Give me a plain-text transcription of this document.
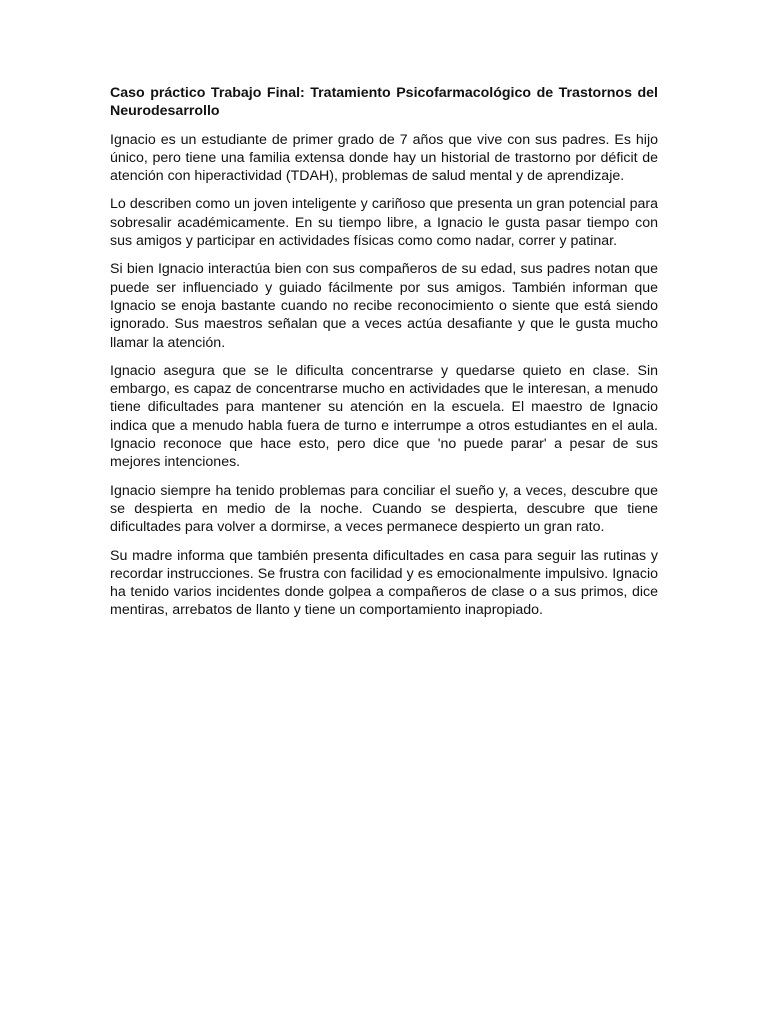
Caso práctico Trabajo Final: Tratamiento Psicofarmacológico de Trastornos del Neurodesarrollo

Ignacio es un estudiante de primer grado de 7 años que vive con sus padres. Es hijo único, pero tiene una familia extensa donde hay un historial de trastorno por déficit de atención con hiperactividad (TDAH), problemas de salud mental y de aprendizaje.

Lo describen como un joven inteligente y cariñoso que presenta un gran potencial para sobresalir académicamente. En su tiempo libre, a Ignacio le gusta pasar tiempo con sus amigos y participar en actividades físicas como como nadar, correr y patinar.

Si bien Ignacio interactúa bien con sus compañeros de su edad, sus padres notan que puede ser influenciado y guiado fácilmente por sus amigos. También informan que Ignacio se enoja bastante cuando no recibe reconocimiento o siente que está siendo ignorado. Sus maestros señalan que a veces actúa desafiante y que le gusta mucho llamar la atención.

Ignacio asegura que se le dificulta concentrarse y quedarse quieto en clase. Sin embargo, es capaz de concentrarse mucho en actividades que le interesan, a menudo tiene dificultades para mantener su atención en la escuela. El maestro de Ignacio indica que a menudo habla fuera de turno e interrumpe a otros estudiantes en el aula. Ignacio reconoce que hace esto, pero dice que 'no puede parar' a pesar de sus mejores intenciones.

Ignacio siempre ha tenido problemas para conciliar el sueño y, a veces, descubre que se despierta en medio de la noche. Cuando se despierta, descubre que tiene dificultades para volver a dormirse, a veces permanece despierto un gran rato.

Su madre informa que también presenta dificultades en casa para seguir las rutinas y recordar instrucciones. Se frustra con facilidad y es emocionalmente impulsivo. Ignacio ha tenido varios incidentes donde golpea a compañeros de clase o a sus primos, dice mentiras, arrebatos de llanto y tiene un comportamiento inapropiado.
